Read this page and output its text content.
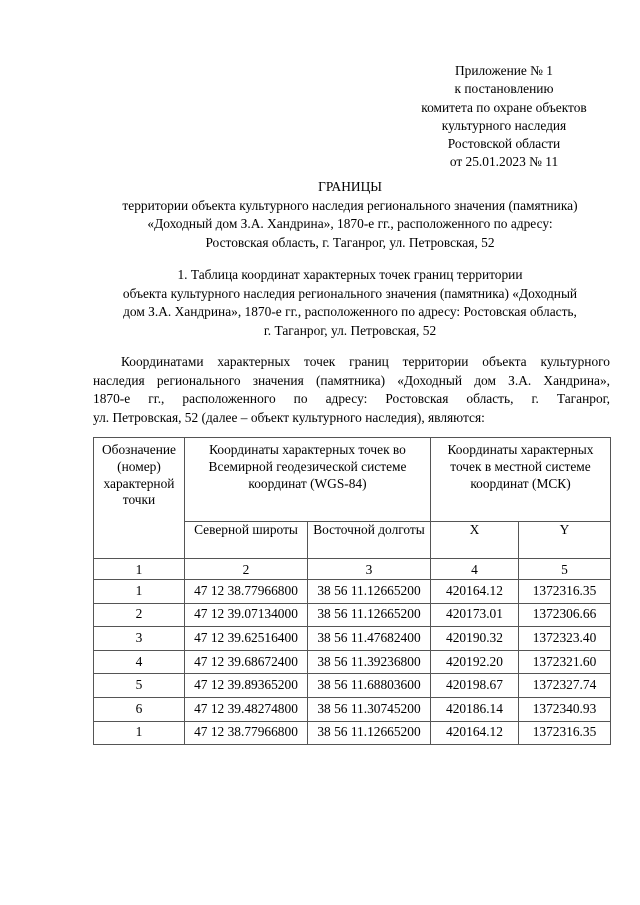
Приложение № 1
к постановлению
комитета по охране объектов
культурного наследия
Ростовской области
от 25.01.2023 № 11
ГРАНИЦЫ
территории объекта культурного наследия регионального значения (памятника)
«Доходный дом З.А. Хандрина», 1870-е гг., расположенного по адресу:
Ростовская область, г. Таганрог, ул. Петровская, 52
1. Таблица координат характерных точек границ территории
объекта культурного наследия регионального значения (памятника) «Доходный
дом З.А. Хандрина», 1870-е гг., расположенного по адресу: Ростовская область,
г. Таганрог, ул. Петровская, 52
Координатами характерных точек границ территории объекта культурного
наследия регионального значения (памятника) «Доходный дом З.А. Хандрина»,
1870-е гг., расположенного по адресу: Ростовская область, г. Таганрог,
ул. Петровская, 52 (далее – объект культурного наследия), являются:
Обозначение (номер) характерной точки	Координаты характерных точек во Всемирной геодезической системе координат (WGS-84)		Координаты характерных точек в местной системе координат (МСК)	
	Северной широты	Восточной долготы	X	Y
1	2	3	4	5
1	47 12 38.77966800	38 56 11.12665200	420164.12	1372316.35
2	47 12 39.07134000	38 56 11.12665200	420173.01	1372306.66
3	47 12 39.62516400	38 56 11.47682400	420190.32	1372323.40
4	47 12 39.68672400	38 56 11.39236800	420192.20	1372321.60
5	47 12 39.89365200	38 56 11.68803600	420198.67	1372327.74
6	47 12 39.48274800	38 56 11.30745200	420186.14	1372340.93
1	47 12 38.77966800	38 56 11.12665200	420164.12	1372316.35
